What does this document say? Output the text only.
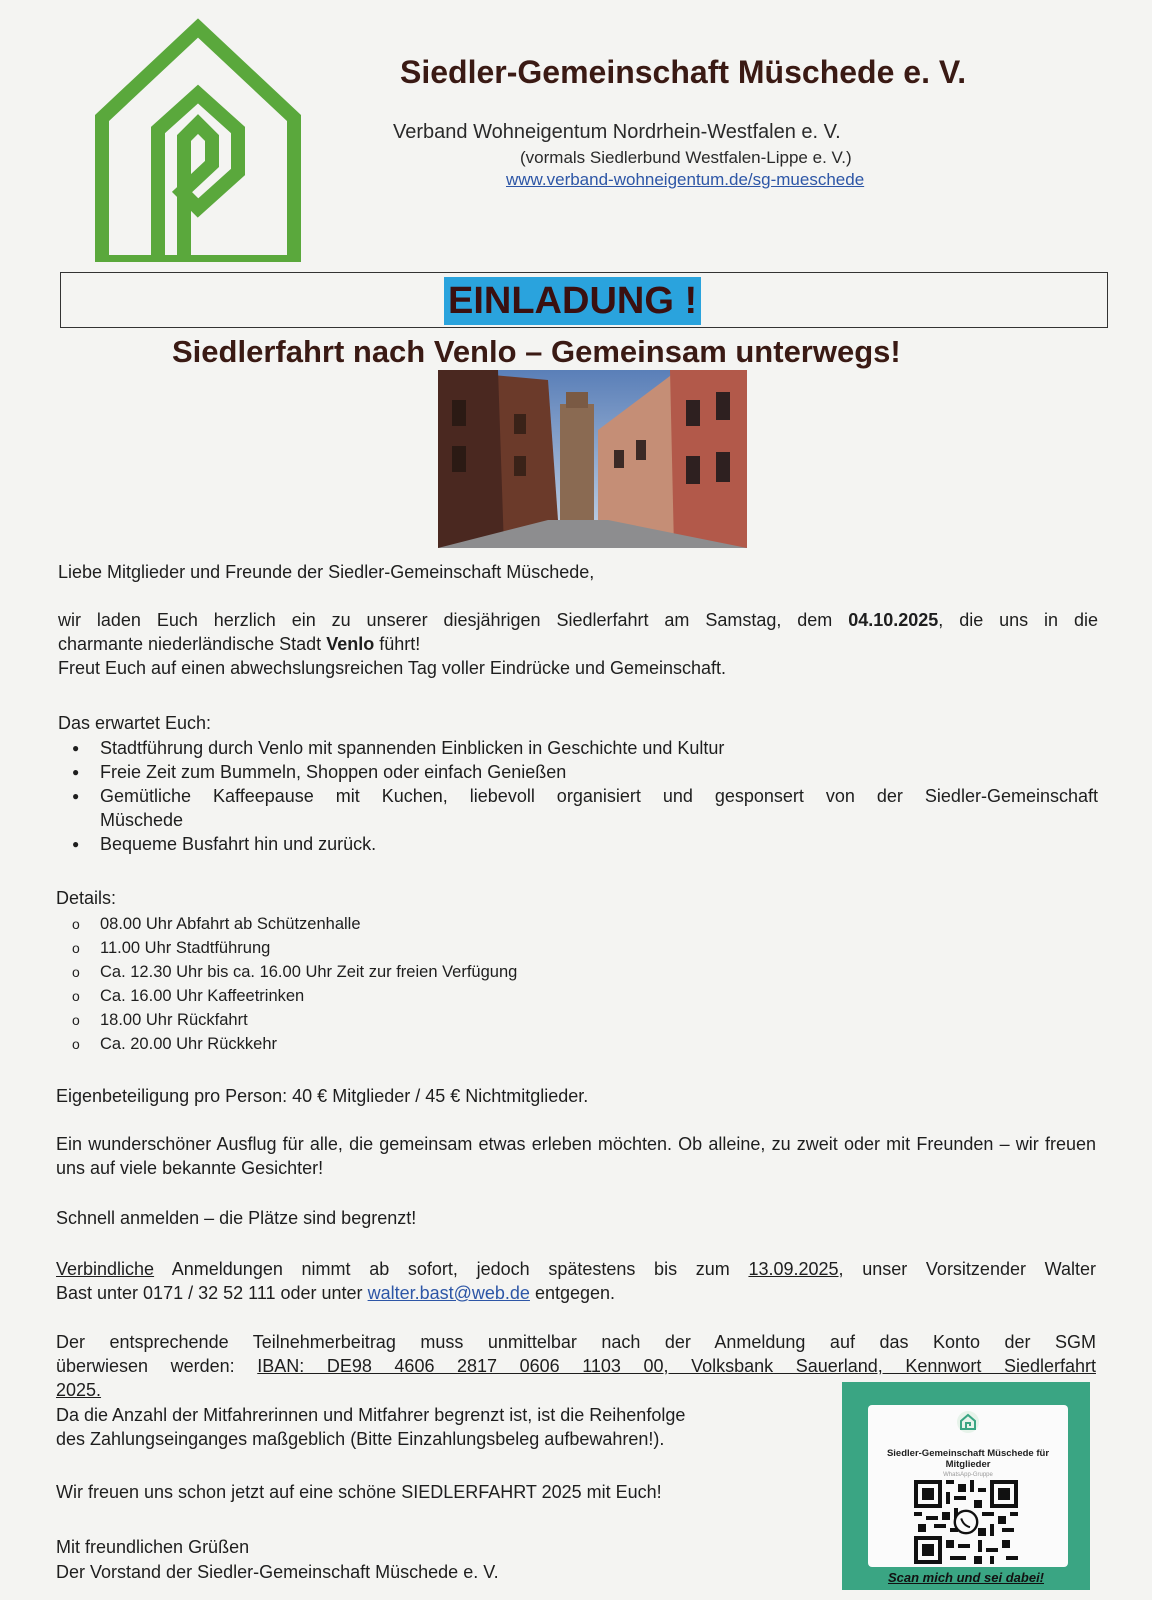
Siedler-Gemeinschaft Müschede e. V.
Verband Wohneigentum Nordrhein-Westfalen e. V.
(vormals Siedlerbund Westfalen-Lippe e. V.)
www.verband-wohneigentum.de/sg-mueschede
EINLADUNG !
Siedlerfahrt nach Venlo – Gemeinsam unterwegs!
Liebe Mitglieder und Freunde der Siedler-Gemeinschaft Müschede,
wir laden Euch herzlich ein zu unserer diesjährigen Siedlerfahrt am Samstag, dem 04.10.2025, die uns in die
charmante niederländische Stadt Venlo führt!
Freut Euch auf einen abwechslungsreichen Tag voller Eindrücke und Gemeinschaft.
Das erwartet Euch:
● Stadtführung durch Venlo mit spannenden Einblicken in Geschichte und Kultur
● Freie Zeit zum Bummeln, Shoppen oder einfach Genießen
● Gemütliche Kaffeepause mit Kuchen, liebevoll organisiert und gesponsert von der Siedler-Gemeinschaft
Müschede
● Bequeme Busfahrt hin und zurück.
Details:
o 08.00 Uhr Abfahrt ab Schützenhalle
o 11.00 Uhr Stadtführung
o Ca. 12.30 Uhr bis ca. 16.00 Uhr Zeit zur freien Verfügung
o Ca. 16.00 Uhr Kaffeetrinken
o 18.00 Uhr Rückfahrt
o Ca. 20.00 Uhr Rückkehr
Eigenbeteiligung pro Person: 40 € Mitglieder / 45 € Nichtmitglieder.
Ein wunderschöner Ausflug für alle, die gemeinsam etwas erleben möchten. Ob alleine, zu zweit oder mit Freunden – wir freuen uns auf viele bekannte Gesichter!
Schnell anmelden – die Plätze sind begrenzt!
Verbindliche Anmeldungen nimmt ab sofort, jedoch spätestens bis zum 13.09.2025, unser Vorsitzender Walter
Bast unter 0171 / 32 52 111 oder unter walter.bast@web.de entgegen.
Der entsprechende Teilnehmerbeitrag muss unmittelbar nach der Anmeldung auf das Konto der SGM
überwiesen werden: IBAN: DE98 4606 2817 0606 1103 00, Volksbank Sauerland, Kennwort Siedlerfahrt
2025.
Da die Anzahl der Mitfahrerinnen und Mitfahrer begrenzt ist, ist die Reihenfolge
des Zahlungseinganges maßgeblich (Bitte Einzahlungsbeleg aufbewahren!).
Wir freuen uns schon jetzt auf eine schöne SIEDLERFAHRT 2025 mit Euch!
Mit freundlichen Grüßen
Der Vorstand der Siedler-Gemeinschaft Müschede e. V.
Siedler-Gemeinschaft Müschede für Mitglieder
WhatsApp-Gruppe
Scan mich und sei dabei!
